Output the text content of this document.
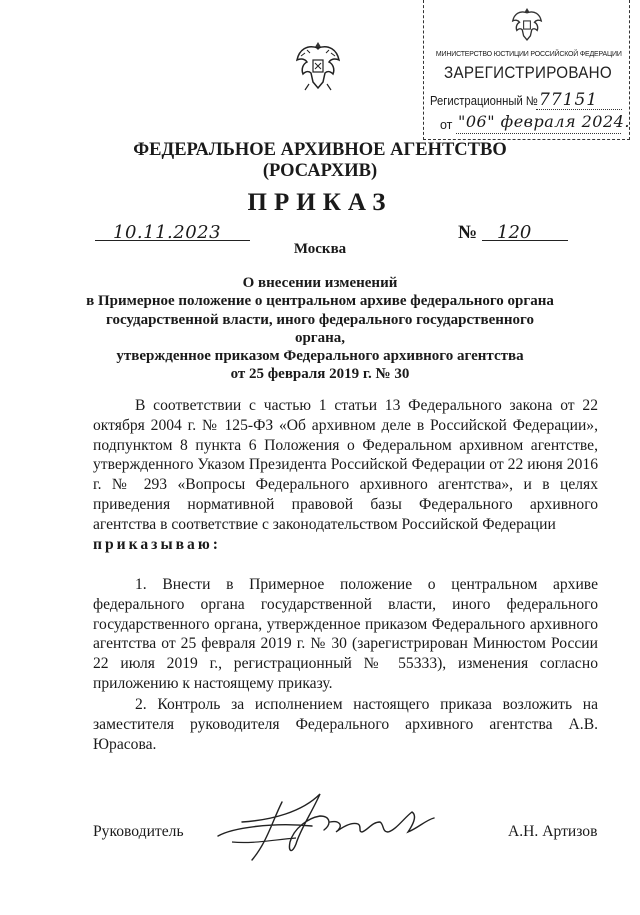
МИНИСТЕРСТВО ЮСТИЦИИ РОССИЙСКОЙ ФЕДЕРАЦИИ
ЗАРЕГИСТРИРОВАНО
Регистрационный № 77151
от "06" февраля 2024.
ФЕДЕРАЛЬНОЕ АРХИВНОЕ АГЕНТСТВО
(РОСАРХИВ)
ПРИКАЗ
10.11.2023	№ 120
Москва
О внесении изменений
в Примерное положение о центральном архиве федерального органа
государственной власти, иного федерального государственного органа,
утвержденное приказом Федерального архивного агентства
от 25 февраля 2019 г. № 30
В соответствии с частью 1 статьи 13 Федерального закона от 22 октября 2004 г. № 125-ФЗ «Об архивном деле в Российской Федерации», подпунктом 8 пункта 6 Положения о Федеральном архивном агентстве, утвержденного Указом Президента Российской Федерации от 22 июня 2016 г. № 293 «Вопросы Федерального архивного агентства», и в целях приведения нормативной правовой базы Федерального архивного агентства в соответствие с законодательством Российской Федерации
приказываю:
1. Внести в Примерное положение о центральном архиве федерального органа государственной власти, иного федерального государственного органа, утвержденное приказом Федерального архивного агентства от 25 февраля 2019 г. № 30 (зарегистрирован Минюстом России 22 июля 2019 г., регистрационный № 55333), изменения согласно приложению к настоящему приказу.
2. Контроль за исполнением настоящего приказа возложить на заместителя руководителя Федерального архивного агентства А.В. Юрасова.
Руководитель	А.Н. Артизов
